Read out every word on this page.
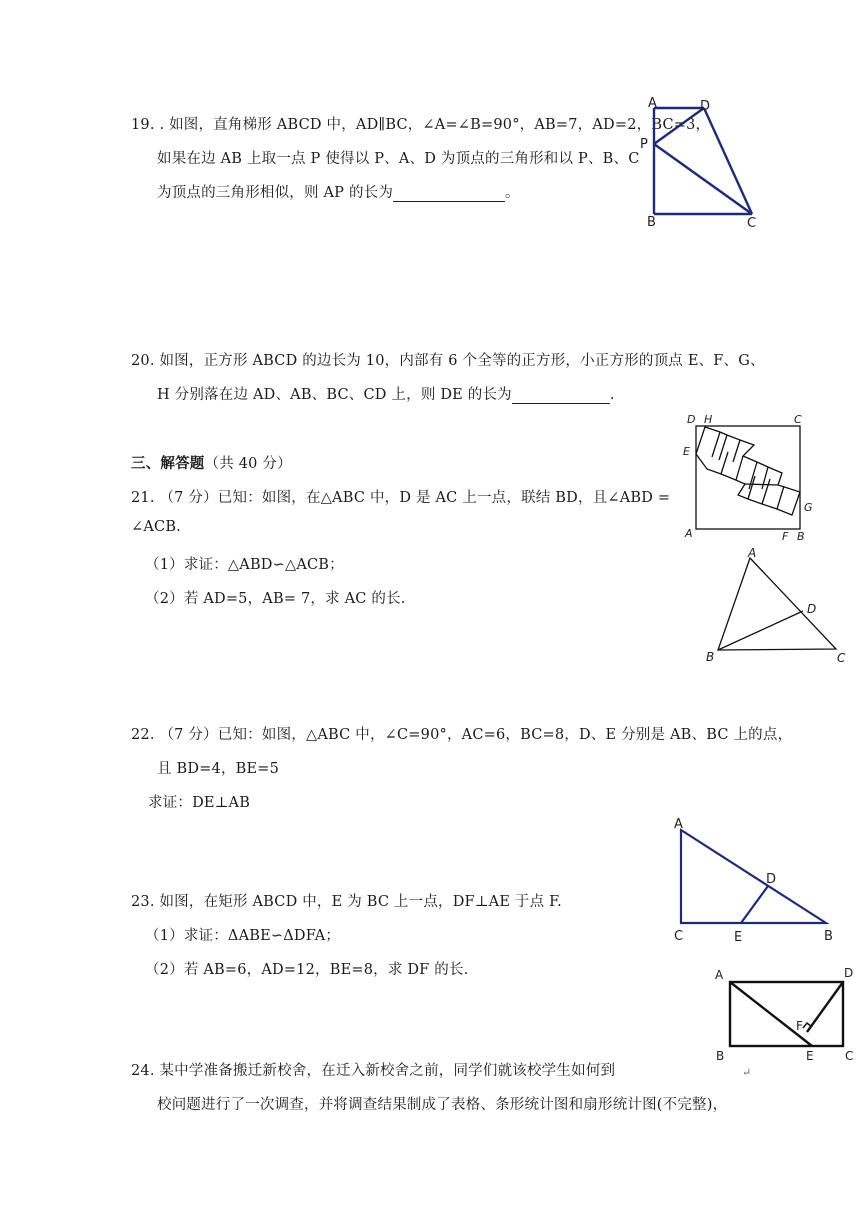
19. . 如图，直角梯形 ABCD 中，AD∥BC，∠A=∠B=90°，AB=7，AD=2，BC=3，
如果在边 AB 上取一点 P 使得以 P、A、D 为顶点的三角形和以 P、B、C
为顶点的三角形相似，则 AP 的长为	。
A	D
P
B	C
20. 如图，正方形 ABCD 的边长为 10，内部有 6 个全等的正方形，小正方形的顶点 E、F、G、
H 分别落在边 AD、AB、BC、CD 上，则 DE 的长为	.
D H	C
E
G
A	F B
三、解答题（共 40 分）
21. （7 分）已知：如图，在△ABC 中，D 是 AC 上一点，联结 BD，且∠ABD =
∠ACB.
（1）求证：△ABD∽△ACB；
（2）若 AD=5，AB= 7，求 AC 的长.
A
B	C
D
22. （7 分）已知：如图，△ABC 中，∠C=90°，AC=6，BC=8，D、E 分别是 AB、BC 上的点，
且 BD=4，BE=5
求证：DE⊥AB
A
D
C	E	B
23. 如图，在矩形 ABCD 中，E 为 BC 上一点，DF⊥AE 于点 F.
（1）求证：ΔABE∽ΔDFA；
（2）若 AB=6，AD=12，BE=8，求 DF 的长.	A	D
F
B	E	C
24. 某中学准备搬迁新校舍，在迁入新校舍之前，同学们就该校学生如何到	↵
校问题进行了一次调查，并将调查结果制成了表格、条形统计图和扇形统计图(不完整)，
